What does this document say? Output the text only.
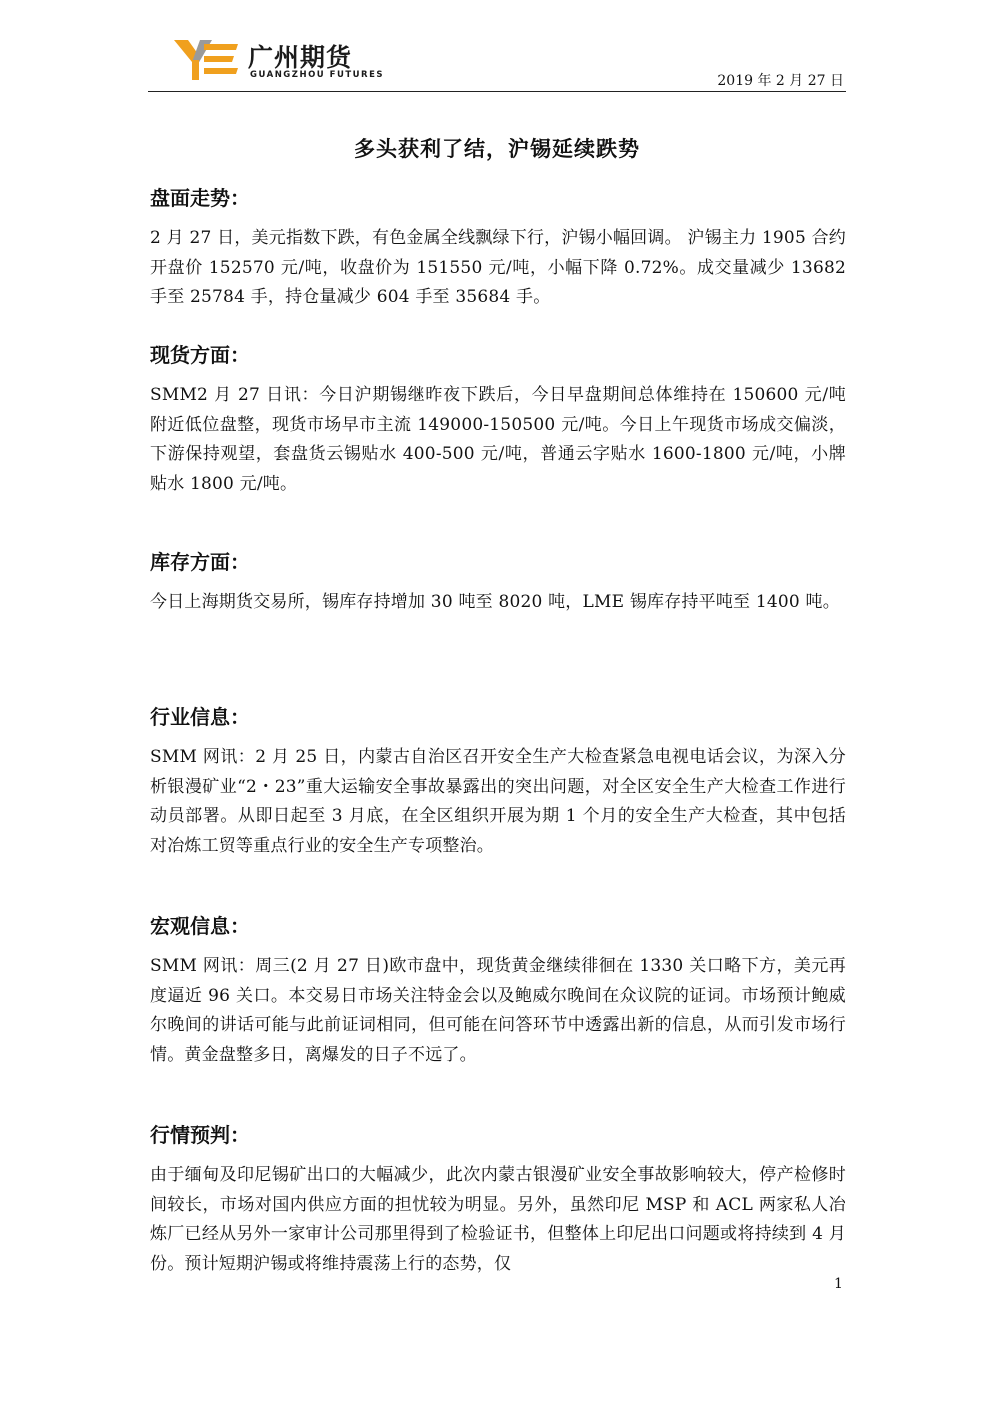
广州期货
GUANGZHOU FUTURES	2019 年 2 月 27 日
多头获利了结，沪锡延续跌势
盘面走势：
2 月 27 日，美元指数下跌，有色金属全线飘绿下行，沪锡小幅回调。 沪锡主力 1905 合约开盘价 152570 元/吨，收盘价为 151550 元/吨，小幅下降 0.72%。成交量减少 13682 手至 25784 手，持仓量减少 604 手至 35684 手。
现货方面：
SMM2 月 27 日讯：今日沪期锡继昨夜下跌后，今日早盘期间总体维持在 150600 元/吨附近低位盘整，现货市场早市主流 149000-150500 元/吨。今日上午现货市场成交偏淡，下游保持观望，套盘货云锡贴水 400-500 元/吨，普通云字贴水 1600-1800 元/吨，小牌贴水 1800 元/吨。
库存方面：
今日上海期货交易所，锡库存持增加 30 吨至 8020 吨，LME 锡库存持平吨至 1400 吨。
行业信息：
SMM 网讯：2 月 25 日，内蒙古自治区召开安全生产大检查紧急电视电话会议，为深入分析银漫矿业“2・23”重大运输安全事故暴露出的突出问题，对全区安全生产大检查工作进行动员部署。从即日起至 3 月底，在全区组织开展为期 1 个月的安全生产大检查，其中包括对冶炼工贸等重点行业的安全生产专项整治。
宏观信息：
SMM 网讯：周三(2 月 27 日)欧市盘中，现货黄金继续徘徊在 1330 关口略下方，美元再度逼近 96 关口。本交易日市场关注特金会以及鲍威尔晚间在众议院的证词。市场预计鲍威尔晚间的讲话可能与此前证词相同，但可能在问答环节中透露出新的信息，从而引发市场行情。黄金盘整多日，离爆发的日子不远了。
行情预判：
由于缅甸及印尼锡矿出口的大幅减少，此次内蒙古银漫矿业安全事故影响较大，停产检修时间较长，市场对国内供应方面的担忧较为明显。另外，虽然印尼 MSP 和 ACL 两家私人冶炼厂已经从另外一家审计公司那里得到了检验证书，但整体上印尼出口问题或将持续到 4 月份。预计短期沪锡或将维持震荡上行的态势，仅
1
